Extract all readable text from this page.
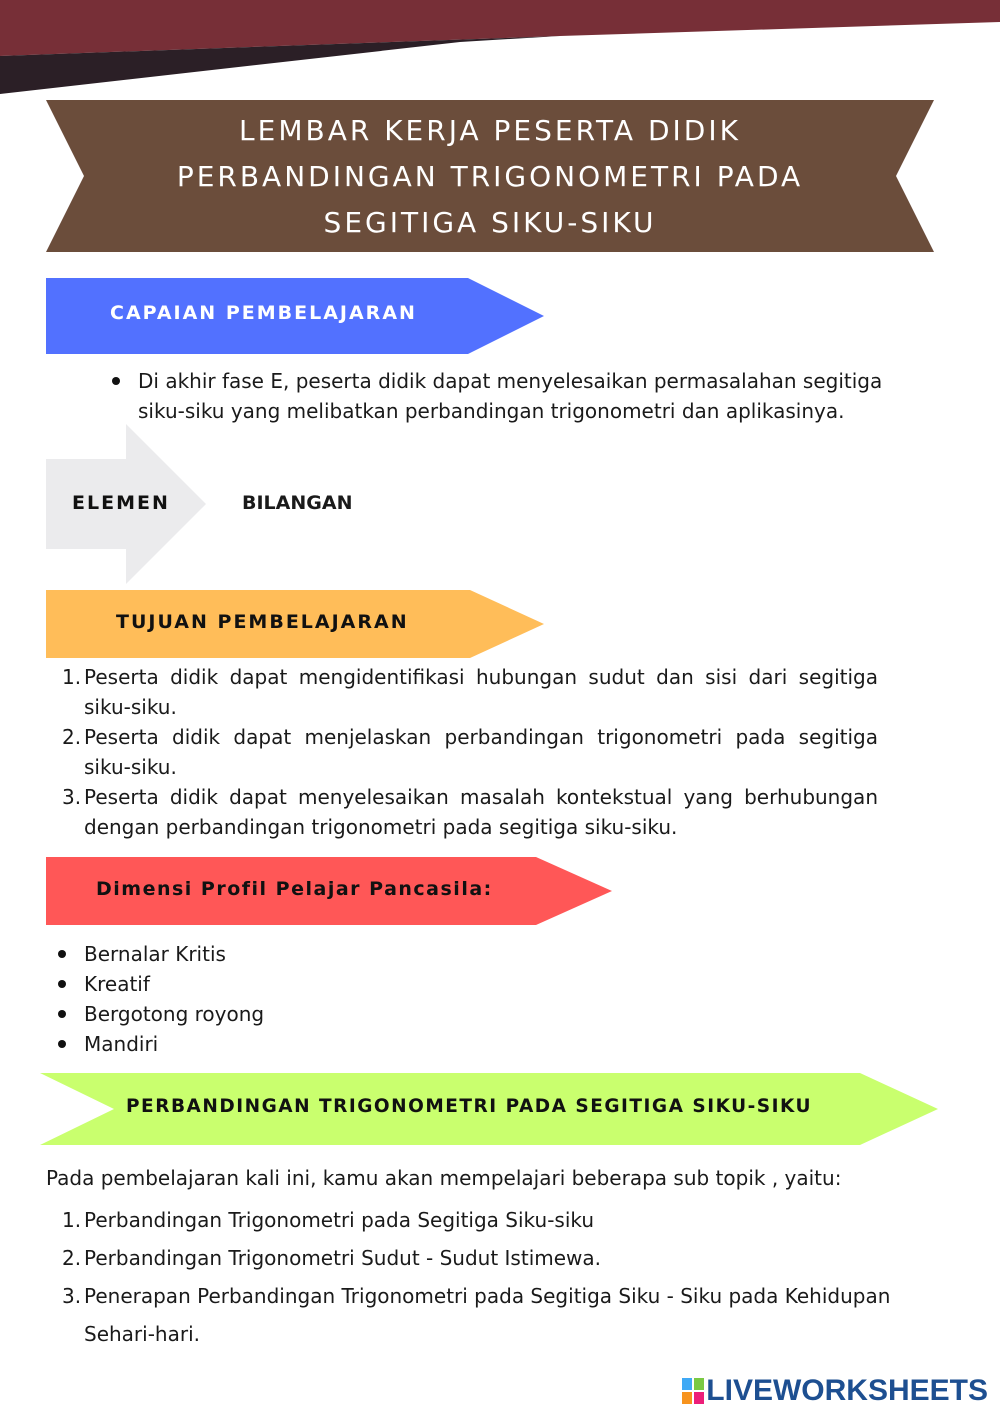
LEMBAR KERJA PESERTA DIDIK
PERBANDINGAN TRIGONOMETRI PADA
SEGITIGA SIKU-SIKU
CAPAIAN PEMBELAJARAN
Di akhir fase E, peserta didik dapat menyelesaikan permasalahan segitiga siku-siku yang melibatkan perbandingan trigonometri dan aplikasinya.
ELEMEN	BILANGAN
TUJUAN PEMBELAJARAN
1. Peserta didik dapat mengidentifikasi hubungan sudut dan sisi dari segitiga siku-siku.
2. Peserta didik dapat menjelaskan perbandingan trigonometri pada segitiga siku-siku.
3. Peserta didik dapat menyelesaikan masalah kontekstual yang berhubungan dengan perbandingan trigonometri pada segitiga siku-siku.
Dimensi Profil Pelajar Pancasila:
Bernalar Kritis
Kreatif
Bergotong royong
Mandiri
PERBANDINGAN TRIGONOMETRI PADA SEGITIGA SIKU-SIKU
Pada pembelajaran kali ini, kamu akan mempelajari beberapa sub topik , yaitu:
1. Perbandingan Trigonometri pada Segitiga Siku-siku
2. Perbandingan Trigonometri Sudut - Sudut Istimewa.
3. Penerapan Perbandingan Trigonometri pada Segitiga Siku - Siku pada Kehidupan Sehari-hari.
LIVEWORKSHEETS
